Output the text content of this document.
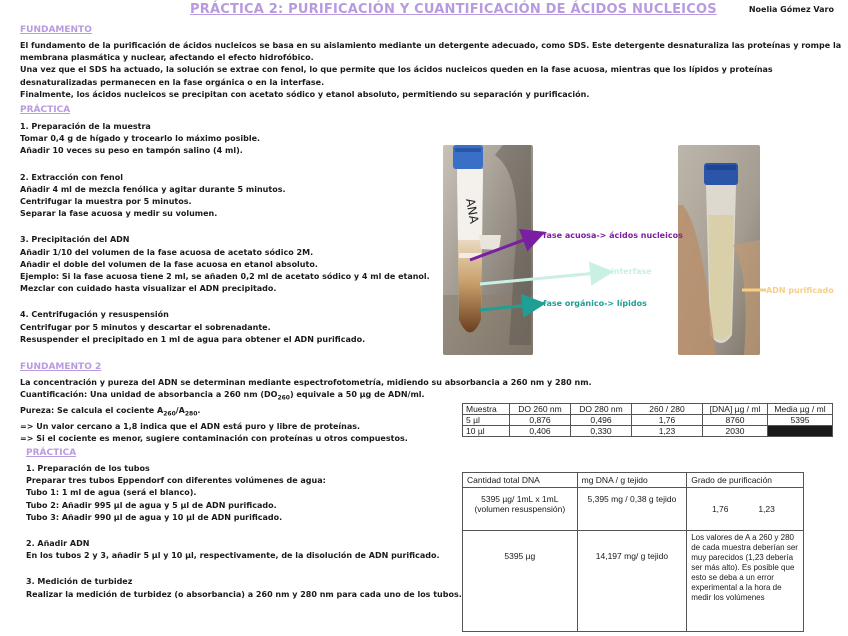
PRÁCTICA 2: PURIFICACIÓN Y CUANTIFICACIÓN DE ÁCIDOS NUCLEICOS	Noelia Gómez Varo
FUNDAMENTO
El fundamento de la purificación de ácidos nucleicos se basa en su aislamiento mediante un detergente adecuado, como SDS. Este detergente desnaturaliza las proteínas y rompe la
membrana plasmática y nuclear, afectando el efecto hidrofóbico.
Una vez que el SDS ha actuado, la solución se extrae con fenol, lo que permite que los ácidos nucleicos queden en la fase acuosa, mientras que los lípidos y proteínas
desnaturalizadas permanecen en la fase orgánica o en la interfase.
Finalmente, los ácidos nucleicos se precipitan con acetato sódico y etanol absoluto, permitiendo su separación y purificación.
PRÁCTICA
1. Preparación de la muestra
Tomar 0,4 g de hígado y trocearlo lo máximo posible.
Añadir 10 veces su peso en tampón salino (4 ml).
2. Extracción con fenol
Añadir 4 ml de mezcla fenólica y agitar durante 5 minutos.
Centrifugar la muestra por 5 minutos.
Separar la fase acuosa y medir su volumen.
3. Precipitación del ADN
Añadir 1/10 del volumen de la fase acuosa de acetato sódico 2M.
Añadir el doble del volumen de la fase acuosa en etanol absoluto.
Ejemplo: Si la fase acuosa tiene 2 ml, se añaden 0,2 ml de acetato sódico y 4 ml de etanol.
Mezclar con cuidado hasta visualizar el ADN precipitado.
4. Centrifugación y resuspensión
Centrifugar por 5 minutos y descartar el sobrenadante.
Resuspender el precipitado en 1 ml de agua para obtener el ADN purificado.
ANA
fase acuosa-> ácidos nucleicos
interfase
fase orgánico-> lípidos
ADN purificado
FUNDAMENTO 2
La concentración y pureza del ADN se determinan mediante espectrofotometría, midiendo su absorbancia a 260 nm y 280 nm.
Cuantificación: Una unidad de absorbancia a 260 nm $(DO_{260})$ equivale a 50 µg de ADN/ml.
Pureza: Se calcula el cociente $A_{260}/A_{280}$.
=> Un valor cercano a 1,8 indica que el ADN está puro y libre de proteínas.
=> Si el cociente es menor, sugiere contaminación con proteínas u otros compuestos.
Muestra	DO 260 nm	DO 280 nm	260 / 280	[DNA] µg / ml	Media µg / ml
5 µl	0,876	0,496	1,76	8760	5395
10 µl	0,406	0,330	1,23	2030	
PRÁCTICA
1. Preparación de los tubos
Preparar tres tubos Eppendorf con diferentes volúmenes de agua:
Tubo 1: 1 ml de agua (será el blanco).
Tubo 2: Añadir 995 µl de agua y 5 µl de ADN purificado.
Tubo 3: Añadir 990 µl de agua y 10 µl de ADN purificado.
2. Añadir ADN
En los tubos 2 y 3, añadir 5 µl y 10 µl, respectivamente, de la disolución de ADN purificado.
3. Medición de turbidez
Realizar la medición de turbidez (o absorbancia) a 260 nm y 280 nm para cada uno de los tubos.
Cantidad total DNA	mg DNA / g tejido	Grado de purificación

5395 µg/ 1mL x 1mL
(volumen resuspensión)	5,395 mg / 0,38 g tejido	1,76 1,23
5395 µg	14,197 mg/ g tejido	Los valores de A a 260 y 280 de cada muestra deberían ser muy parecidos (1,23 debería ser más alto). Es posible que esto se deba a un error experimental a la hora de medir los volúmenes
